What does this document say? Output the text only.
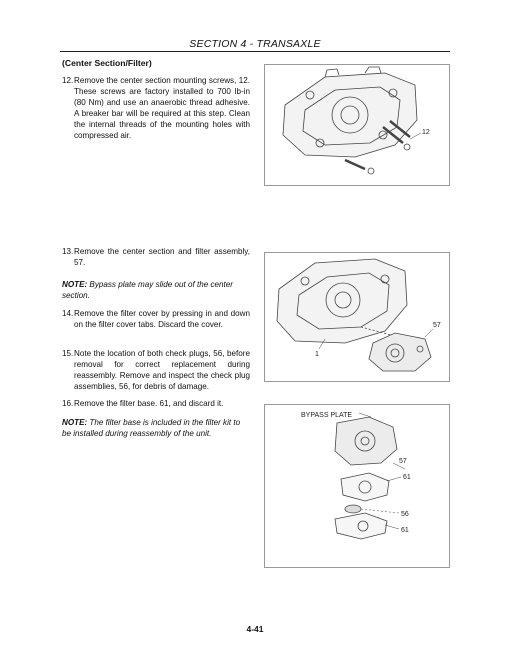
SECTION 4 - TRANSAXLE
(Center Section/Filter)
12. Remove the center section mounting screws, 12. These screws are factory installed to 700 lb-in (80 Nm) and use an anaerobic thread adhesive. A breaker bar will be required at this step. Clean the internal threads of the mounting holes with compressed air.
13. Remove the center section and filter assembly, 57.
NOTE: Bypass plate may slide out of the center section.
14. Remove the filter cover by pressing in and down on the filter cover tabs. Discard the cover.
15. Note the location of both check plugs, 56, before removal for correct replacement during reassembly. Remove and inspect the check plug assemblies, 56, for debris of damage.
16. Remove the filter base. 61, and discard it.
NOTE: The filter base is included in the filter kit to be installed during reassembly of the unit.
12
57
1
BYPASS PLATE
57
61
56
61
4-41
